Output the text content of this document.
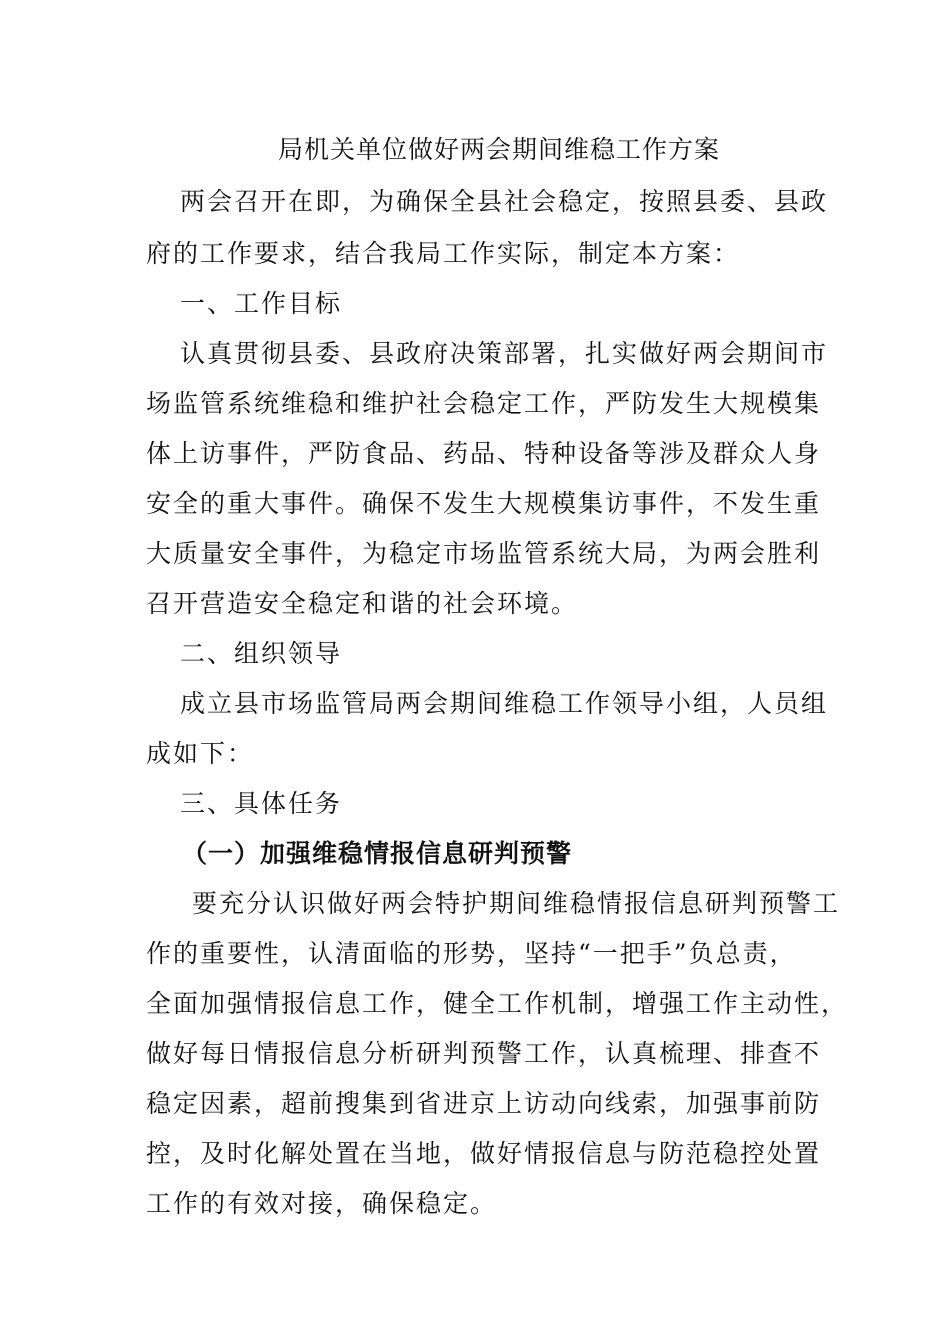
局机关单位做好两会期间维稳工作方案
两会召开在即，为确保全县社会稳定，按照县委、县政
府的工作要求，结合我局工作实际，制定本方案：
一、工作目标
认真贯彻县委、县政府决策部署，扎实做好两会期间市
场监管系统维稳和维护社会稳定工作，严防发生大规模集
体上访事件，严防食品、药品、特种设备等涉及群众人身
安全的重大事件。确保不发生大规模集访事件，不发生重
大质量安全事件，为稳定市场监管系统大局，为两会胜利
召开营造安全稳定和谐的社会环境。
二、组织领导
成立县市场监管局两会期间维稳工作领导小组，人员组
成如下：
三、具体任务
（一）加强维稳情报信息研判预警
要充分认识做好两会特护期间维稳情报信息研判预警工
作的重要性，认清面临的形势，坚持“一把手”负总责，
全面加强情报信息工作，健全工作机制，增强工作主动性，
做好每日情报信息分析研判预警工作，认真梳理、排查不
稳定因素，超前搜集到省进京上访动向线索，加强事前防
控，及时化解处置在当地，做好情报信息与防范稳控处置
工作的有效对接，确保稳定。
